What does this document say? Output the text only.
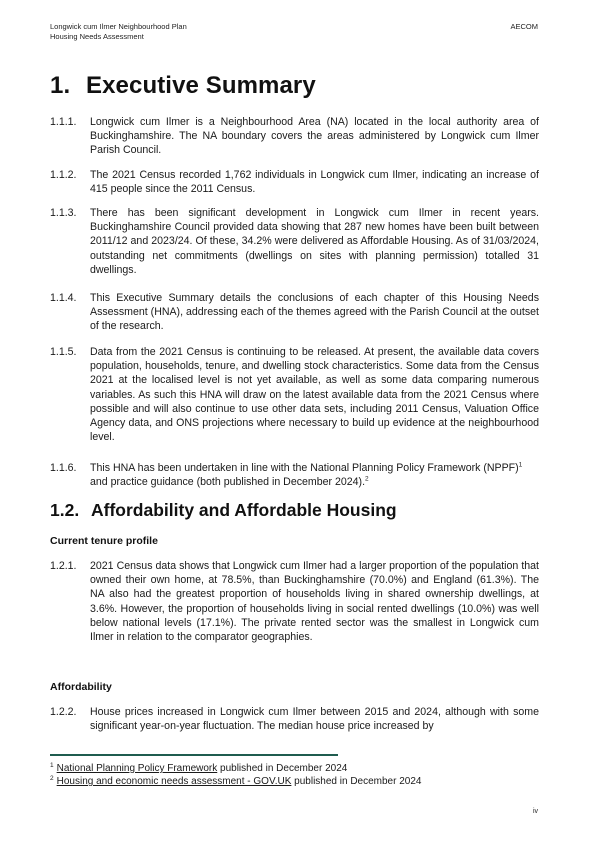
Longwick cum Ilmer Neighbourhood Plan
Housing Needs Assessment
AECOM
1. Executive Summary
1.1.1.	Longwick cum Ilmer is a Neighbourhood Area (NA) located in the local authority area of Buckinghamshire. The NA boundary covers the areas administered by Longwick cum Ilmer Parish Council.
1.1.2.	The 2021 Census recorded 1,762 individuals in Longwick cum Ilmer, indicating an increase of 415 people since the 2011 Census.
1.1.3.	There has been significant development in Longwick cum Ilmer in recent years. Buckinghamshire Council provided data showing that 287 new homes have been built between 2011/12 and 2023/24. Of these, 34.2% were delivered as Affordable Housing. As of 31/03/2024, outstanding net commitments (dwellings on sites with planning permission) totalled 31 dwellings.
1.1.4.	This Executive Summary details the conclusions of each chapter of this Housing Needs Assessment (HNA), addressing each of the themes agreed with the Parish Council at the outset of the research.
1.1.5.	Data from the 2021 Census is continuing to be released. At present, the available data covers population, households, tenure, and dwelling stock characteristics. Some data from the Census 2021 at the localised level is not yet available, as well as some data comparing numerous variables. As such this HNA will draw on the latest available data from the 2021 Census where possible and will also continue to use other data sets, including 2011 Census, Valuation Office Agency data, and ONS projections where necessary to build up evidence at the neighbourhood level.
1.1.6.	This HNA has been undertaken in line with the National Planning Policy Framework (NPPF)$^1$ and practice guidance (both published in December 2024).$^2$
1.2. Affordability and Affordable Housing
Current tenure profile
1.2.1.	2021 Census data shows that Longwick cum Ilmer had a larger proportion of the population that owned their own home, at 78.5%, than Buckinghamshire (70.0%) and England (61.3%). The NA also had the greatest proportion of households living in shared ownership dwellings, at 3.6%. However, the proportion of households living in social rented dwellings (10.0%) was well below national levels (17.1%). The private rented sector was the smallest in Longwick cum Ilmer in relation to the comparator geographies.
Affordability
1.2.2.	House prices increased in Longwick cum Ilmer between 2015 and 2024, although with some significant year-on-year fluctuation. The median house price increased by
$^1$ National Planning Policy Framework published in December 2024
$^2$ Housing and economic needs assessment - GOV.UK published in December 2024
iv
